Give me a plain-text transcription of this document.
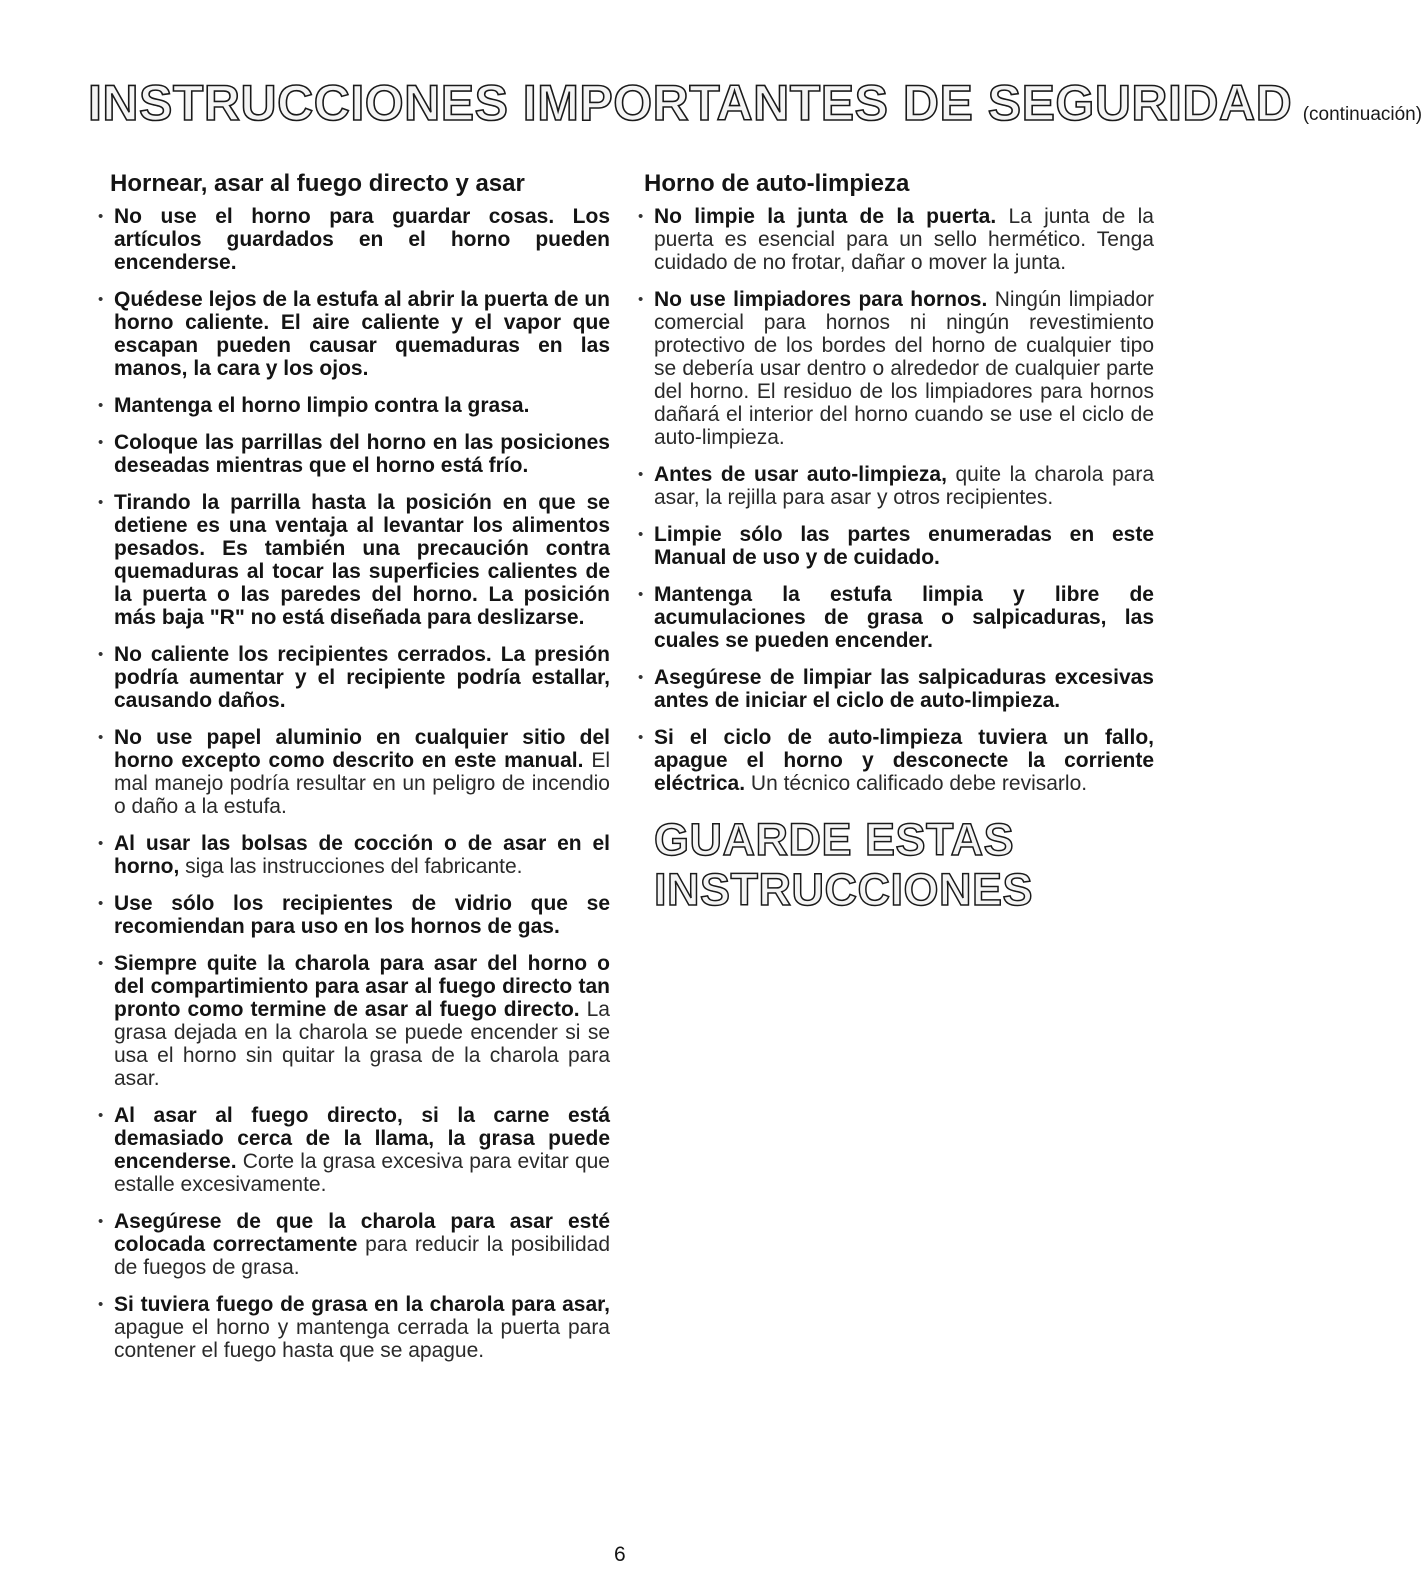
INSTRUCCIONES IMPORTANTES DE SEGURIDAD (continuación)
Hornear, asar al fuego directo y asar
• No use el horno para guardar cosas. Los artículos guardados en el horno pueden encenderse.
• Quédese lejos de la estufa al abrir la puerta de un horno caliente. El aire caliente y el vapor que escapan pueden causar quemaduras en las manos, la cara y los ojos.
• Mantenga el horno limpio contra la grasa.
• Coloque las parrillas del horno en las posiciones deseadas mientras que el horno está frío.
• Tirando la parrilla hasta la posición en que se detiene es una ventaja al levantar los alimentos pesados. Es también una precaución contra quemaduras al tocar las superficies calientes de la puerta o las paredes del horno. La posición más baja "R" no está diseñada para deslizarse.
• No caliente los recipientes cerrados. La presión podría aumentar y el recipiente podría estallar, causando daños.
• No use papel aluminio en cualquier sitio del horno excepto como descrito en este manual. El mal manejo podría resultar en un peligro de incendio o daño a la estufa.
• Al usar las bolsas de cocción o de asar en el horno, siga las instrucciones del fabricante.
• Use sólo los recipientes de vidrio que se recomiendan para uso en los hornos de gas.
• Siempre quite la charola para asar del horno o del compartimiento para asar al fuego directo tan pronto como termine de asar al fuego directo. La grasa dejada en la charola se puede encender si se usa el horno sin quitar la grasa de la charola para asar.
• Al asar al fuego directo, si la carne está demasiado cerca de la llama, la grasa puede encenderse. Corte la grasa excesiva para evitar que estalle excesivamente.
• Asegúrese de que la charola para asar esté colocada correctamente para reducir la posibilidad de fuegos de grasa.
• Si tuviera fuego de grasa en la charola para asar, apague el horno y mantenga cerrada la puerta para contener el fuego hasta que se apague.
Horno de auto-limpieza
• No limpie la junta de la puerta. La junta de la puerta es esencial para un sello hermético. Tenga cuidado de no frotar, dañar o mover la junta.
• No use limpiadores para hornos. Ningún limpiador comercial para hornos ni ningún revestimiento protectivo de los bordes del horno de cualquier tipo se debería usar dentro o alrededor de cualquier parte del horno. El residuo de los limpiadores para hornos dañará el interior del horno cuando se use el ciclo de auto-limpieza.
• Antes de usar auto-limpieza, quite la charola para asar, la rejilla para asar y otros recipientes.
• Limpie sólo las partes enumeradas en este Manual de uso y de cuidado.
• Mantenga la estufa limpia y libre de acumulaciones de grasa o salpicaduras, las cuales se pueden encender.
• Asegúrese de limpiar las salpicaduras excesivas antes de iniciar el ciclo de auto-limpieza.
• Si el ciclo de auto-limpieza tuviera un fallo, apague el horno y desconecte la corriente eléctrica. Un técnico calificado debe revisarlo.
GUARDE ESTAS
INSTRUCCIONES
6
